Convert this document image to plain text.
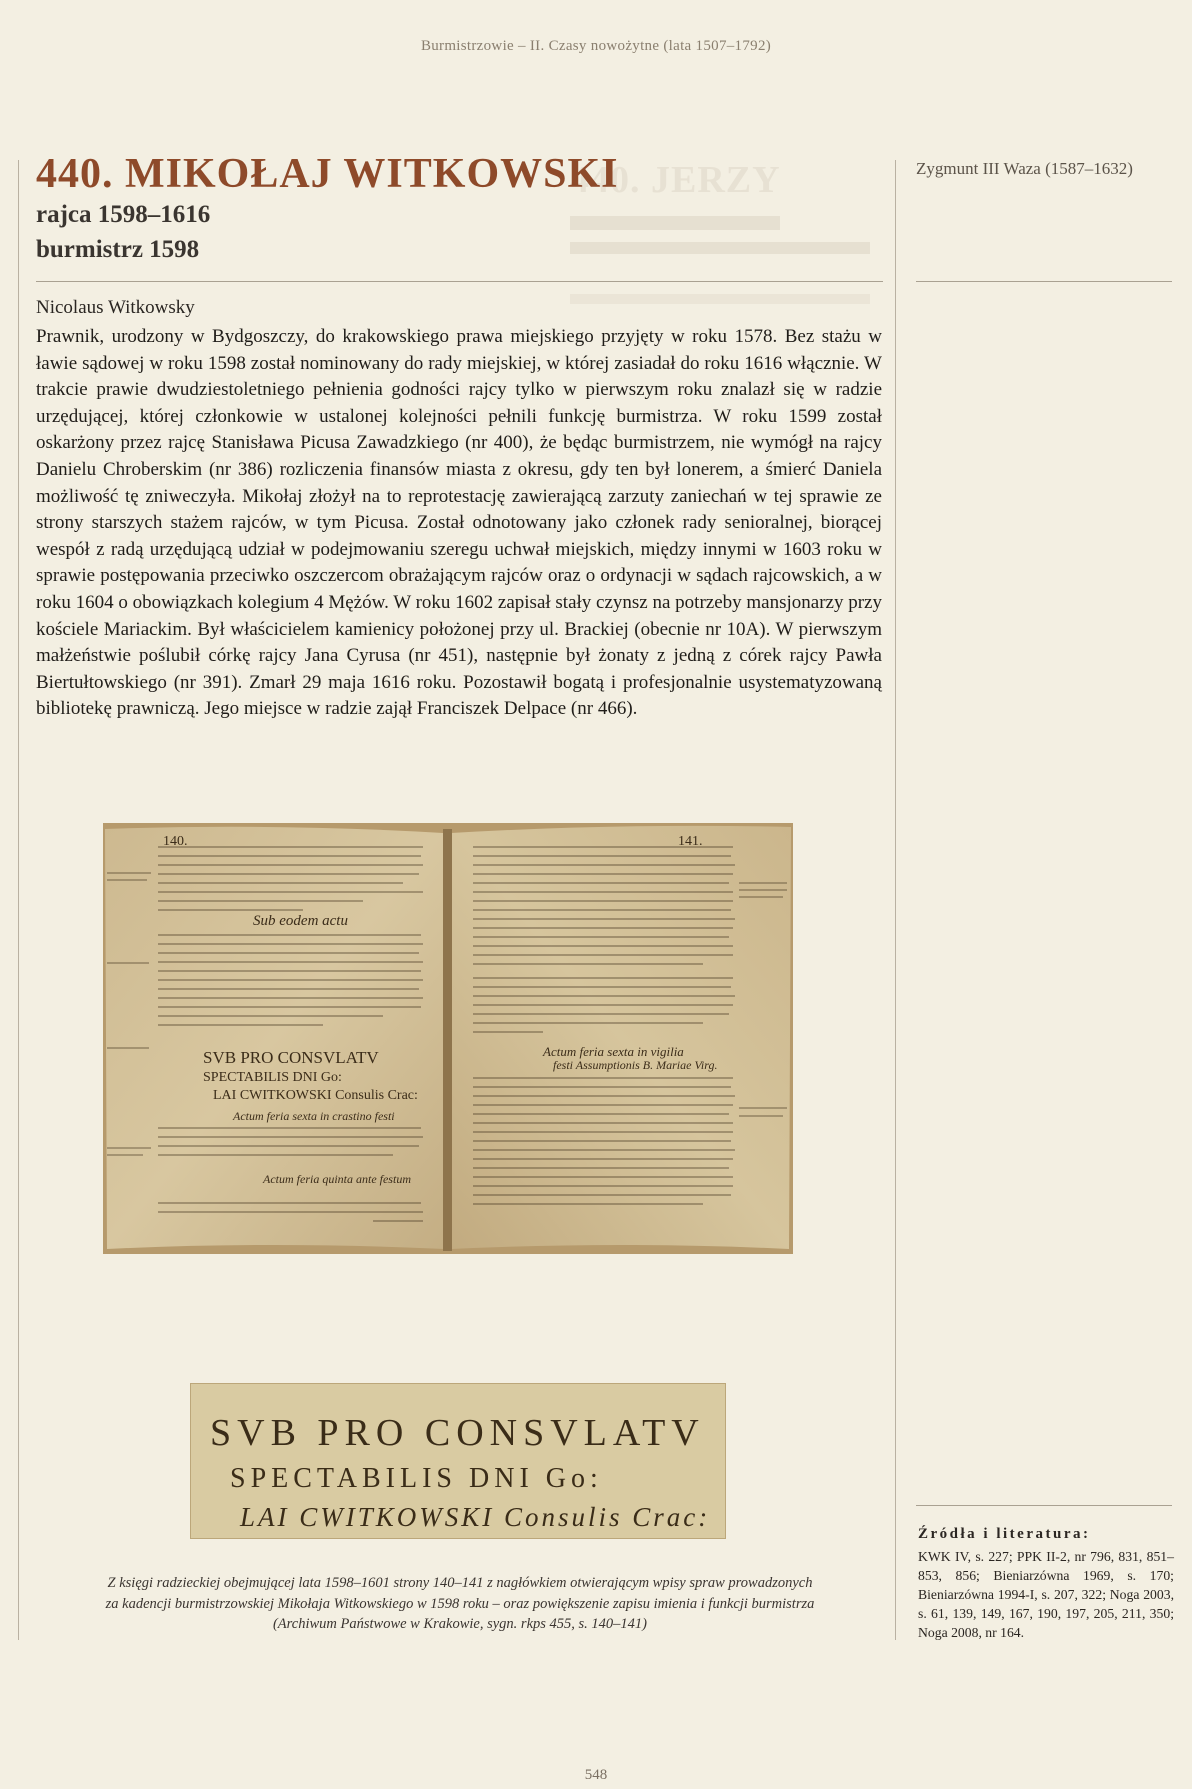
Burmistrzowie – II. Czasy nowożytne (lata 1507–1792)
440. JERZY
440. MIKOŁAJ WITKOWSKI
rajca 1598–1616
burmistrz 1598
Zygmunt III Waza (1587–1632)
Nicolaus Witkowsky

Prawnik, urodzony w Bydgoszczy, do krakowskiego prawa miejskiego przyjęty w roku 1578. Bez stażu w ławie sądowej w roku 1598 został nominowany do rady miejskiej, w której zasiadał do roku 1616 włącznie. W trakcie prawie dwudziestoletniego pełnienia godności rajcy tylko w pierwszym roku znalazł się w radzie urzędującej, której członkowie w ustalonej kolejności pełnili funkcję burmistrza. W roku 1599 został oskarżony przez rajcę Stanisława Picusa Zawadzkiego (nr 400), że będąc burmistrzem, nie wymógł na rajcy Danielu Chroberskim (nr 386) rozliczenia finansów miasta z okresu, gdy ten był lonerem, a śmierć Daniela możliwość tę zniweczyła. Mikołaj złożył na to reprotestację zawierającą zarzuty zaniechań w tej sprawie ze strony starszych stażem rajców, w tym Picusa. Został odnotowany jako członek rady senioralnej, biorącej wespół z radą urzędującą udział w podejmowaniu szeregu uchwał miejskich, między innymi w 1603 roku w sprawie postępowania przeciwko oszczercom obrażającym rajców oraz o ordynacji w sądach rajcowskich, a w roku 1604 o obowiązkach kolegium 4 Mężów. W roku 1602 zapisał stały czynsz na potrzeby mansjonarzy przy kościele Mariackim. Był właścicielem kamienicy położonej przy ul. Brackiej (obecnie nr 10A). W pierwszym małżeństwie poślubił córkę rajcy Jana Cyrusa (nr 451), następnie był żonaty z jedną z córek rajcy Pawła Biertułtowskiego (nr 391). Zmarł 29 maja 1616 roku. Pozostawił bogatą i profesjonalnie usystematyzowaną bibliotekę prawniczą. Jego miejsce w radzie zajął Franciszek Delpace (nr 466).

Sub eodem actu
SVB PRO CONSVLATV
SPECTABILIS DNI Go:
LAI CWITKOWSKI Consulis Crac:
Actum feria sexta in crastino festi
Actum feria quinta ante festum
140.
Actum feria sexta in vigilia
festi Assumptionis B. Mariae Virg.
141.
SVB PRO CONSVLATV
SPECTABILIS DNI Go:
LAI CWITKOWSKI Consulis Crac:
Z księgi radzieckiej obejmującej lata 1598–1601 strony 140–141 z nagłówkiem otwierającym wpisy spraw prowadzonych
za kadencji burmistrzowskiej Mikołaja Witkowskiego w 1598 roku – oraz powiększenie zapisu imienia i funkcji burmistrza
(Archiwum Państwowe w Krakowie, sygn. rkps 455, s. 140–141)
Źródła i literatura:
KWK IV, s. 227; PPK II-2, nr 796, 831, 851–853, 856; Bieniarzówna 1969, s. 170; Bieniarzówna 1994-I, s. 207, 322; Noga 2003, s. 61, 139, 149, 167, 190, 197, 205, 211, 350; Noga 2008, nr 164.
548
